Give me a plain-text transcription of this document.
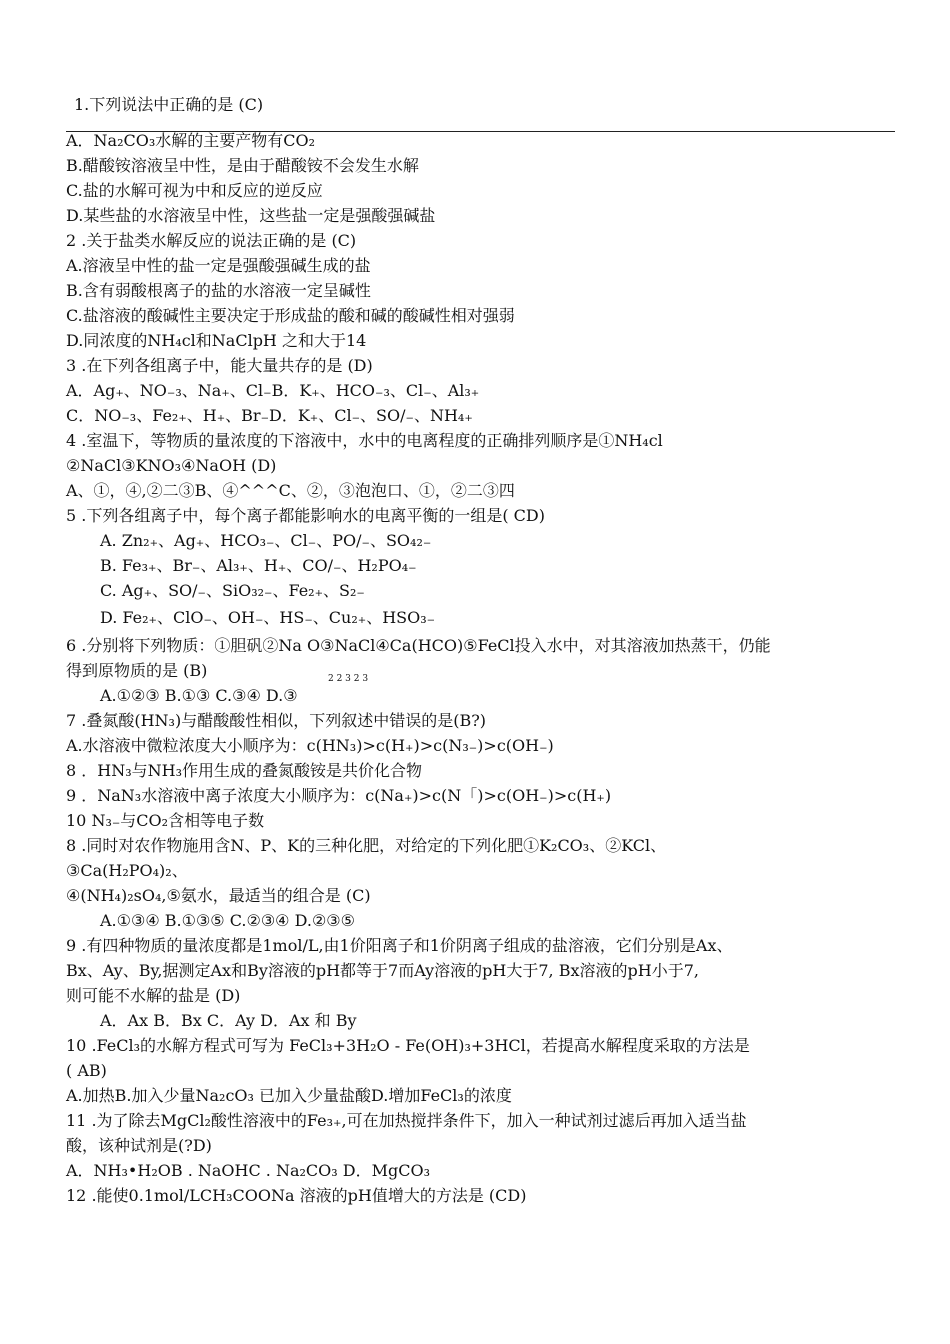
1.下列说法中正确的是 (C)
A．Na₂CO₃水解的主要产物有CO₂
B.醋酸铵溶液呈中性，是由于醋酸铵不会发生水解
C.盐的水解可视为中和反应的逆反应
D.某些盐的水溶液呈中性，这些盐一定是强酸强碱盐
2 .关于盐类水解反应的说法正确的是 (C)
A.溶液呈中性的盐一定是强酸强碱生成的盐
B.含有弱酸根离子的盐的水溶液一定呈碱性
C.盐溶液的酸碱性主要决定于形成盐的酸和碱的酸碱性相对强弱
D.同浓度的NH₄cl和NaClpH 之和大于14
3 .在下列各组离子中，能大量共存的是 (D)
A．Ag₊、NO₋₃、Na₊、Cl₋B．K₊、HCO₋₃、Cl₋、Al₃₊
C．NO₋₃、Fe₂₊、H₊、Br₋D．K₊、Cl₋、SO/₋、NH₄₊
4 .室温下，等物质的量浓度的下溶液中，水中的电离程度的正确排列顺序是①NH₄cl
②NaCl③KNO₃④NaOH (D)
A、①，④,②二③B、④^^^C、②，③泡泡口、①，②二③四
5 .下列各组离子中，每个离子都能影响水的电离平衡的一组是( CD)
A. Zn₂₊、Ag₊、HCO₃₋、Cl₋、PO/₋、SO₄₂₋
B. Fe₃₊、Br₋、Al₃₊、H₊、CO/₋、H₂PO₄₋
C. Ag₊、SO/₋、SiO₃₂₋、Fe₂₊、S₂₋
D. Fe₂₊、ClO₋、OH₋、HS₋、Cu₂₊、HSO₃₋
6 .分别将下列物质：①胆矾②Na O③NaCl④Ca(HCO)⑤FeCl投入水中，对其溶液加热蒸干，仍能
得到原物质的是 (B)
A.①②③ B.①③ C.③④ D.③
2 2 3 2 3
7 .叠氮酸(HN₃)与醋酸酸性相似，下列叙述中错误的是(B?)
A.水溶液中微粒浓度大小顺序为：c(HN₃)>c(H₊)>c(N₃₋)>c(OH₋)
8 ．HN₃与NH₃作用生成的叠氮酸铵是共价化合物
9 ．NaN₃水溶液中离子浓度大小顺序为：c(Na₊)>c(N「)>c(OH₋)>c(H₊)
10 N₃₋与CO₂含相等电子数
8 .同时对农作物施用含N、P、K的三种化肥，对给定的下列化肥①K₂CO₃、②KCl、
③Ca(H₂PO₄)₂、
④(NH₄)₂sO₄,⑤氨水，最适当的组合是 (C)
A.①③④ B.①③⑤ C.②③④ D.②③⑤
9 .有四种物质的量浓度都是1mol/L,由1价阳离子和1价阴离子组成的盐溶液，它们分别是Ax、
Bx、Ay、By,据测定Ax和By溶液的pH都等于7而Ay溶液的pH大于7, Bx溶液的pH小于7,
则可能不水解的盐是 (D)
A．Ax B．Bx C．Ay D．Ax 和 By
10 .FeCl₃的水解方程式可写为 FeCl₃+3H₂O - Fe(OH)₃+3HCl，若提高水解程度采取的方法是
( AB)
A.加热B.加入少量Na₂cO₃ 已加入少量盐酸D.增加FeCl₃的浓度
11 .为了除去MgCl₂酸性溶液中的Fe₃₊,可在加热搅拌条件下，加入一种试剂过滤后再加入适当盐
酸，该种试剂是(?D)
A．NH₃•H₂OB . NaOHC . Na₂CO₃ D．MgCO₃
12 .能使0.1mol/LCH₃COONa 溶液的pH值增大的方法是 (CD)
